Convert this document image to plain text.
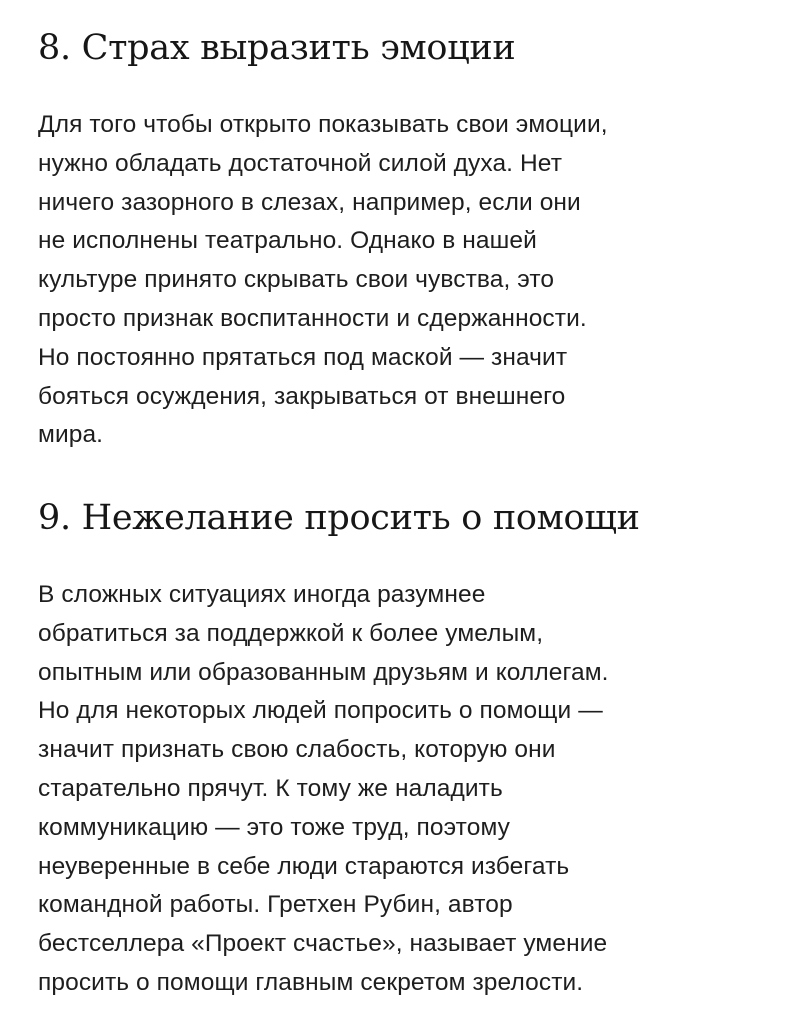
8. Страх выразить эмоции

Для того чтобы открыто показывать свои эмоции,
нужно обладать достаточной силой духа. Нет
ничего зазорного в слезах, например, если они
не исполнены театрально. Однако в нашей
культуре принято скрывать свои чувства, это
просто признак воспитанности и сдержанности.
Но постоянно прятаться под маской — значит
бояться осуждения, закрываться от внешнего
мира.

9. Нежелание просить о помощи

В сложных ситуациях иногда разумнее
обратиться за поддержкой к более умелым,
опытным или образованным друзьям и коллегам.
Но для некоторых людей попросить о помощи —
значит признать свою слабость, которую они
старательно прячут. К тому же наладить
коммуникацию — это тоже труд, поэтому
неуверенные в себе люди стараются избегать
командной работы. Гретхен Рубин, автор
бестселлера «Проект счастье», называет умение
просить о помощи главным секретом зрелости.
